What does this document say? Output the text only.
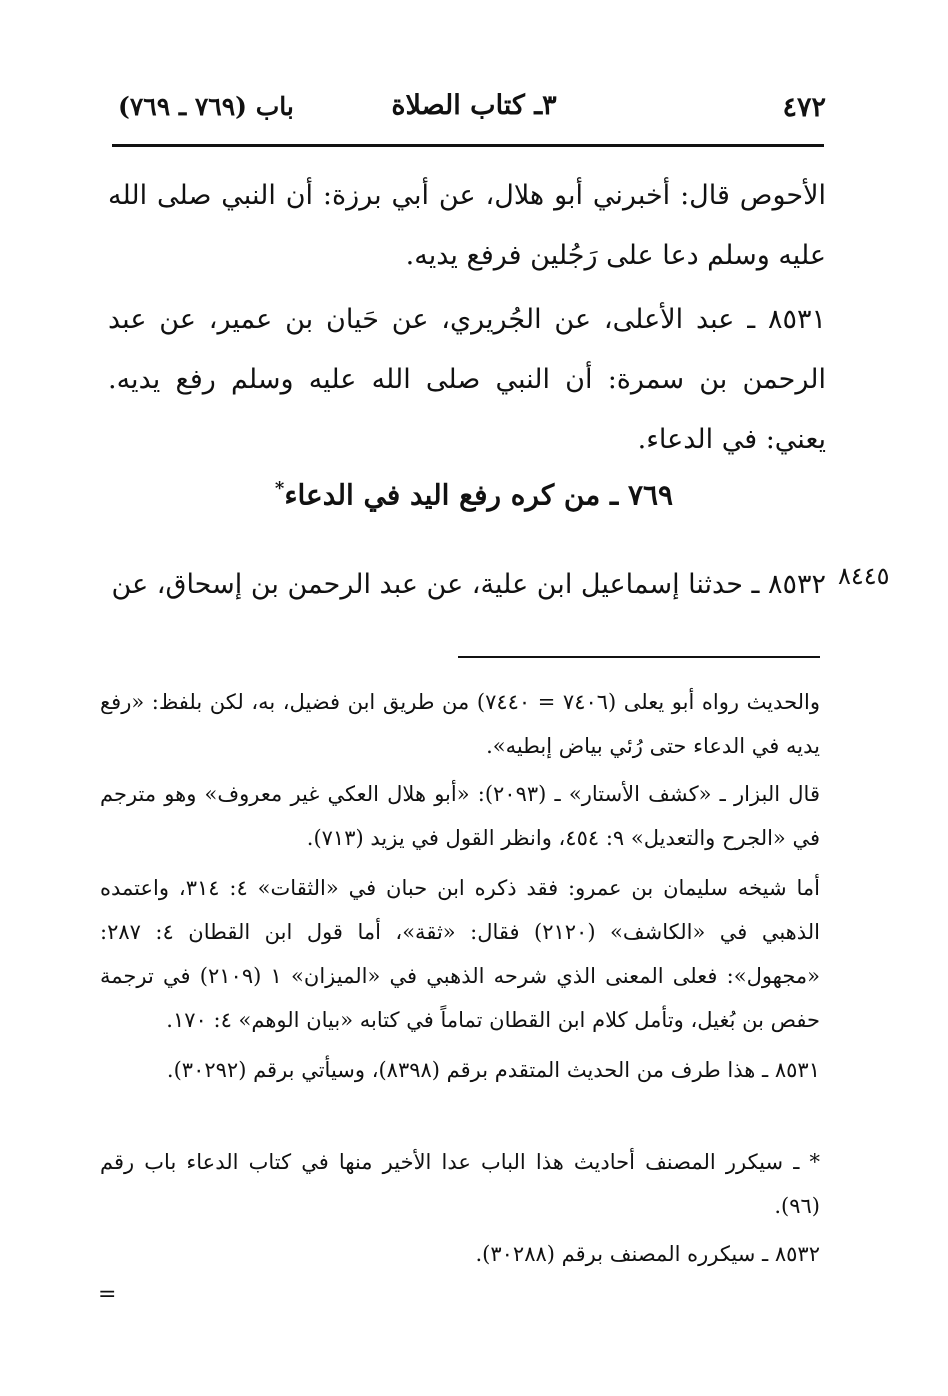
٤٧٢
٣ـ كتاب الصلاة
باب (٧٦٩ ـ ٧٦٩)
الأحوص قال: أخبرني أبو هلال، عن أبي برزة: أن النبي صلى الله عليه وسلم دعا على رَجُلين فرفع يديه.
٨٥٣١ ـ عبد الأعلى، عن الجُريري، عن حَيان بن عمير، عن عبد الرحمن بن سمرة: أن النبي صلى الله عليه وسلم رفع يديه. يعني: في الدعاء.
٧٦٩ ـ من كره رفع اليد في الدعاء*
٨٥٣٢ ـ حدثنا إسماعيل ابن علية، عن عبد الرحمن بن إسحاق، عن ٨٤٤٥
والحديث رواه أبو يعلى (٧٤٠٦ = ٧٤٤٠) من طريق ابن فضيل، به، لكن بلفظ: «رفع يديه في الدعاء حتى رُئي بياض إبطيه».
قال البزار ـ «كشف الأستار» ـ (٢٠٩٣): «أبو هلال العكي غير معروف» وهو مترجم في «الجرح والتعديل» ٩: ٤٥٤، وانظر القول في يزيد (٧١٣).
أما شيخه سليمان بن عمرو: فقد ذكره ابن حبان في «الثقات» ٤: ٣١٤، واعتمده الذهبي في «الكاشف» (٢١٢٠) فقال: «ثقة»، أما قول ابن القطان ٤: ٢٨٧: «مجهول»: فعلى المعنى الذي شرحه الذهبي في «الميزان» ١ (٢١٠٩) في ترجمة حفص بن بُغيل، وتأمل كلام ابن القطان تماماً في كتابه «بيان الوهم» ٤: ١٧٠.
٨٥٣١ ـ هذا طرف من الحديث المتقدم برقم (٨٣٩٨)، وسيأتي برقم (٣٠٢٩٢).
* ـ سيكرر المصنف أحاديث هذا الباب عدا الأخير منها في كتاب الدعاء باب رقم (٩٦).
٨٥٣٢ ـ سيكرره المصنف برقم (٣٠٢٨٨).
=
